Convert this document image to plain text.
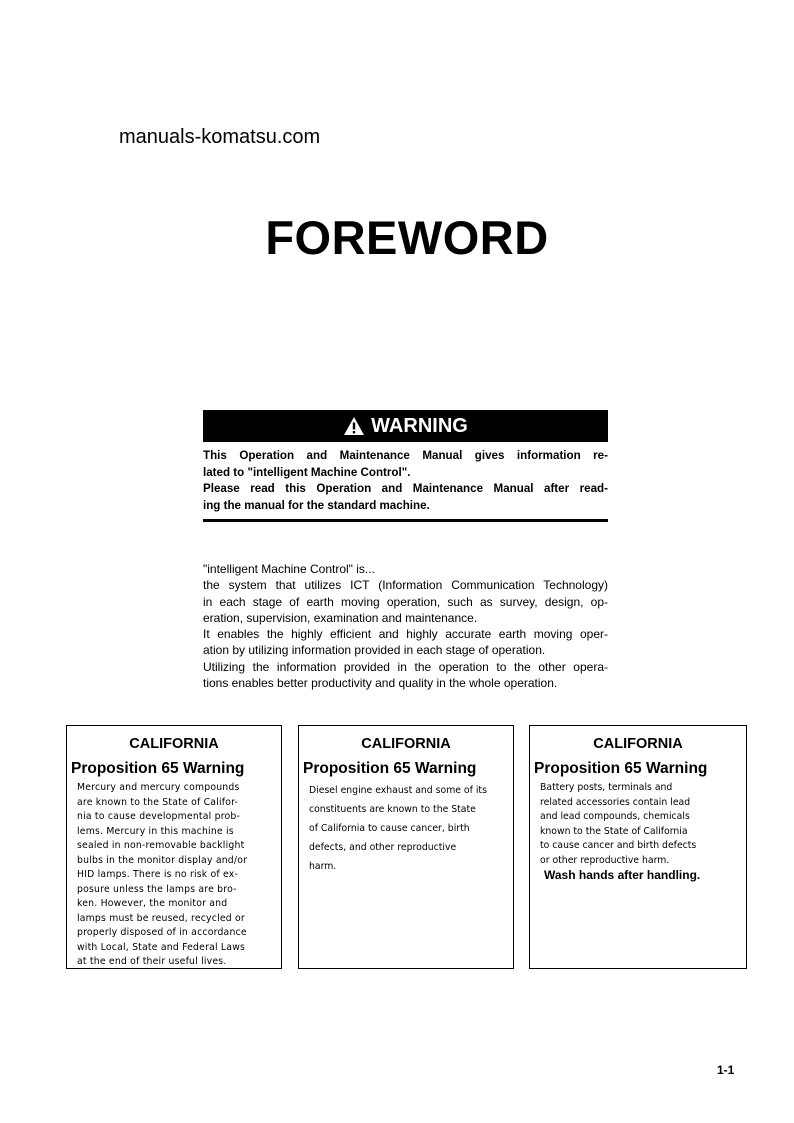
manuals-komatsu.com
FOREWORD
WARNING
This Operation and Maintenance Manual gives information re-
lated to "intelligent Machine Control".
Please read this Operation and Maintenance Manual after read-
ing the manual for the standard machine.
"intelligent Machine Control" is...
the system that utilizes ICT (Information Communication Technology)
in each stage of earth moving operation, such as survey, design, op-
eration, supervision, examination and maintenance.
It enables the highly efficient and highly accurate earth moving oper-
ation by utilizing information provided in each stage of operation.
Utilizing the information provided in the operation to the other opera-
tions enables better productivity and quality in the whole operation.
CALIFORNIA
Proposition 65 Warning
Mercury and mercury compounds
are known to the State of Califor-
nia to cause developmental prob-
lems. Mercury in this machine is
sealed in non-removable backlight
bulbs in the monitor display and/or
HID lamps. There is no risk of ex-
posure unless the lamps are bro-
ken. However, the monitor and
lamps must be reused, recycled or
properly disposed of in accordance
with Local, State and Federal Laws
at the end of their useful lives.
CALIFORNIA
Proposition 65 Warning
Diesel engine exhaust and some of its
constituents are known to the State
of California to cause cancer, birth
defects, and other reproductive
harm.
CALIFORNIA
Proposition 65 Warning
Battery posts, terminals and
related accessories contain lead
and lead compounds, chemicals
known to the State of California
to cause cancer and birth defects
or other reproductive harm.
Wash hands after handling.
1-1
